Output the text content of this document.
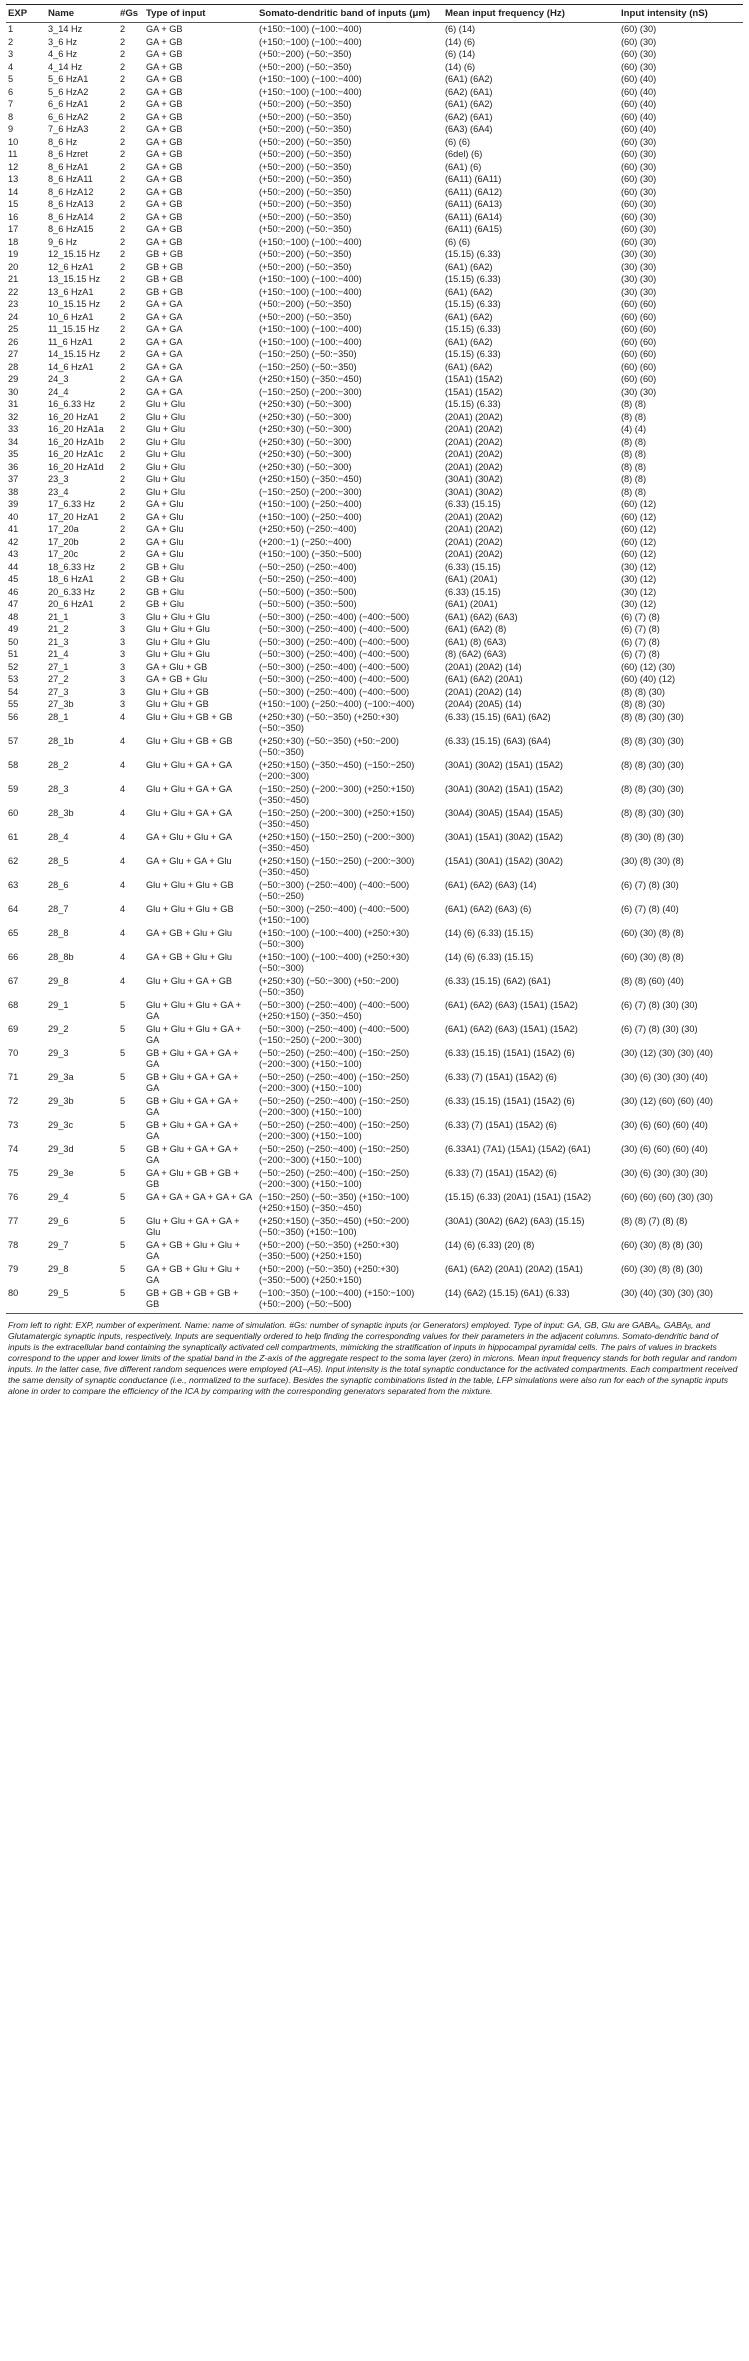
EXP	Name	#Gs	Type of input	Somato-dendritic band of inputs (μm)	Mean input frequency (Hz)	Input intensity (nS)
1	3_14 Hz	2	GA + GB	(+150:−100) (−100:−400)	(6) (14)	(60) (30)
2	3_6 Hz	2	GA + GB	(+150:−100) (−100:−400)	(14) (6)	(60) (30)
3	4_6 Hz	2	GA + GB	(+50:−200) (−50:−350)	(6) (14)	(60) (30)
4	4_14 Hz	2	GA + GB	(+50:−200) (−50:−350)	(14) (6)	(60) (30)
5	5_6 HzA1	2	GA + GB	(+150:−100) (−100:−400)	(6A1) (6A2)	(60) (40)
6	5_6 HzA2	2	GA + GB	(+150:−100) (−100:−400)	(6A2) (6A1)	(60) (40)
7	6_6 HzA1	2	GA + GB	(+50:−200) (−50:−350)	(6A1) (6A2)	(60) (40)
8	6_6 HzA2	2	GA + GB	(+50:−200) (−50:−350)	(6A2) (6A1)	(60) (40)
9	7_6 HzA3	2	GA + GB	(+50:−200) (−50:−350)	(6A3) (6A4)	(60) (40)
10	8_6 Hz	2	GA + GB	(+50:−200) (−50:−350)	(6) (6)	(60) (30)
11	8_6 Hzret	2	GA + GB	(+50:−200) (−50:−350)	(6del) (6)	(60) (30)
12	8_6 HzA1	2	GA + GB	(+50:−200) (−50:−350)	(6A1) (6)	(60) (30)
13	8_6 HzA11	2	GA + GB	(+50:−200) (−50:−350)	(6A11) (6A11)	(60) (30)
14	8_6 HzA12	2	GA + GB	(+50:−200) (−50:−350)	(6A11) (6A12)	(60) (30)
15	8_6 HzA13	2	GA + GB	(+50:−200) (−50:−350)	(6A11) (6A13)	(60) (30)
16	8_6 HzA14	2	GA + GB	(+50:−200) (−50:−350)	(6A11) (6A14)	(60) (30)
17	8_6 HzA15	2	GA + GB	(+50:−200) (−50:−350)	(6A11) (6A15)	(60) (30)
18	9_6 Hz	2	GA + GB	(+150:−100) (−100:−400)	(6) (6)	(60) (30)
19	12_15.15 Hz	2	GB + GB	(+50:−200) (−50:−350)	(15.15) (6.33)	(30) (30)
20	12_6 HzA1	2	GB + GB	(+50:−200) (−50:−350)	(6A1) (6A2)	(30) (30)
21	13_15.15 Hz	2	GB + GB	(+150:−100) (−100:−400)	(15.15) (6.33)	(30) (30)
22	13_6 HzA1	2	GB + GB	(+150:−100) (−100:−400)	(6A1) (6A2)	(30) (30)
23	10_15.15 Hz	2	GA + GA	(+50:−200) (−50:−350)	(15.15) (6.33)	(60) (60)
24	10_6 HzA1	2	GA + GA	(+50:−200) (−50:−350)	(6A1) (6A2)	(60) (60)
25	11_15.15 Hz	2	GA + GA	(+150:−100) (−100:−400)	(15.15) (6.33)	(60) (60)
26	11_6 HzA1	2	GA + GA	(+150:−100) (−100:−400)	(6A1) (6A2)	(60) (60)
27	14_15.15 Hz	2	GA + GA	(−150:−250) (−50:−350)	(15.15) (6.33)	(60) (60)
28	14_6 HzA1	2	GA + GA	(−150:−250) (−50:−350)	(6A1) (6A2)	(60) (60)
29	24_3	2	GA + GA	(+250:+150) (−350:−450)	(15A1) (15A2)	(60) (60)
30	24_4	2	GA + GA	(−150:−250) (−200:−300)	(15A1) (15A2)	(30) (30)
31	16_6.33 Hz	2	Glu + Glu	(+250:+30) (−50:−300)	(15.15) (6.33)	(8) (8)
32	16_20 HzA1	2	Glu + Glu	(+250:+30) (−50:−300)	(20A1) (20A2)	(8) (8)
33	16_20 HzA1a	2	Glu + Glu	(+250:+30) (−50:−300)	(20A1) (20A2)	(4) (4)
34	16_20 HzA1b	2	Glu + Glu	(+250:+30) (−50:−300)	(20A1) (20A2)	(8) (8)
35	16_20 HzA1c	2	Glu + Glu	(+250:+30) (−50:−300)	(20A1) (20A2)	(8) (8)
36	16_20 HzA1d	2	Glu + Glu	(+250:+30) (−50:−300)	(20A1) (20A2)	(8) (8)
37	23_3	2	Glu + Glu	(+250:+150) (−350:−450)	(30A1) (30A2)	(8) (8)
38	23_4	2	Glu + Glu	(−150:−250) (−200:−300)	(30A1) (30A2)	(8) (8)
39	17_6.33 Hz	2	GA + Glu	(+150:−100) (−250:−400)	(6.33) (15.15)	(60) (12)
40	17_20 HzA1	2	GA + Glu	(+150:−100) (−250:−400)	(20A1) (20A2)	(60) (12)
41	17_20a	2	GA + Glu	(+250:+50) (−250:−400)	(20A1) (20A2)	(60) (12)
42	17_20b	2	GA + Glu	(+200:−1) (−250:−400)	(20A1) (20A2)	(60) (12)
43	17_20c	2	GA + Glu	(+150:−100) (−350:−500)	(20A1) (20A2)	(60) (12)
44	18_6.33 Hz	2	GB + Glu	(−50:−250) (−250:−400)	(6.33) (15.15)	(30) (12)
45	18_6 HzA1	2	GB + Glu	(−50:−250) (−250:−400)	(6A1) (20A1)	(30) (12)
46	20_6.33 Hz	2	GB + Glu	(−50:−500) (−350:−500)	(6.33) (15.15)	(30) (12)
47	20_6 HzA1	2	GB + Glu	(−50:−500) (−350:−500)	(6A1) (20A1)	(30) (12)
48	21_1	3	Glu + Glu + Glu	(−50:−300) (−250:−400) (−400:−500)	(6A1) (6A2) (6A3)	(6) (7) (8)
49	21_2	3	Glu + Glu + Glu	(−50:−300) (−250:−400) (−400:−500)	(6A1) (6A2) (8)	(6) (7) (8)
50	21_3	3	Glu + Glu + Glu	(−50:−300) (−250:−400) (−400:−500)	(6A1) (8) (6A3)	(6) (7) (8)
51	21_4	3	Glu + Glu + Glu	(−50:−300) (−250:−400) (−400:−500)	(8) (6A2) (6A3)	(6) (7) (8)
52	27_1	3	GA + Glu + GB	(−50:−300) (−250:−400) (−400:−500)	(20A1) (20A2) (14)	(60) (12) (30)
53	27_2	3	GA + GB + Glu	(−50:−300) (−250:−400) (−400:−500)	(6A1) (6A2) (20A1)	(60) (40) (12)
54	27_3	3	Glu + Glu + GB	(−50:−300) (−250:−400) (−400:−500)	(20A1) (20A2) (14)	(8) (8) (30)
55	27_3b	3	Glu + Glu + GB	(+150:−100) (−250:−400) (−100:−400)	(20A4) (20A5) (14)	(8) (8) (30)
56	28_1	4	Glu + Glu + GB + GB	(+250:+30) (−50:−350) (+250:+30) (−50:−350)	(6.33) (15.15) (6A1) (6A2)	(8) (8) (30) (30)
57	28_1b	4	Glu + Glu + GB + GB	(+250:+30) (−50:−350) (+50:−200) (−50:−350)	(6.33) (15.15) (6A3) (6A4)	(8) (8) (30) (30)
58	28_2	4	Glu + Glu + GA + GA	(+250:+150) (−350:−450) (−150:−250) (−200:−300)	(30A1) (30A2) (15A1) (15A2)	(8) (8) (30) (30)
59	28_3	4	Glu + Glu + GA + GA	(−150:−250) (−200:−300) (+250:+150) (−350:−450)	(30A1) (30A2) (15A1) (15A2)	(8) (8) (30) (30)
60	28_3b	4	Glu + Glu + GA + GA	(−150:−250) (−200:−300) (+250:+150) (−350:−450)	(30A4) (30A5) (15A4) (15A5)	(8) (8) (30) (30)
61	28_4	4	GA + Glu + Glu + GA	(+250:+150) (−150:−250) (−200:−300) (−350:−450)	(30A1) (15A1) (30A2) (15A2)	(8) (30) (8) (30)
62	28_5	4	GA + Glu + GA + Glu	(+250:+150) (−150:−250) (−200:−300) (−350:−450)	(15A1) (30A1) (15A2) (30A2)	(30) (8) (30) (8)
63	28_6	4	Glu + Glu + Glu + GB	(−50:−300) (−250:−400) (−400:−500) (−50:−250)	(6A1) (6A2) (6A3) (14)	(6) (7) (8) (30)
64	28_7	4	Glu + Glu + Glu + GB	(−50:−300) (−250:−400) (−400:−500) (+150:−100)	(6A1) (6A2) (6A3) (6)	(6) (7) (8) (40)
65	28_8	4	GA + GB + Glu + Glu	(+150:−100) (−100:−400) (+250:+30) (−50:−300)	(14) (6) (6.33) (15.15)	(60) (30) (8) (8)
66	28_8b	4	GA + GB + Glu + Glu	(+150:−100) (−100:−400) (+250:+30) (−50:−300)	(14) (6) (6.33) (15.15)	(60) (30) (8) (8)
67	29_8	4	Glu + Glu + GA + GB	(+250:+30) (−50:−300) (+50:−200) (−50:−350)	(6.33) (15.15) (6A2) (6A1)	(8) (8) (60) (40)
68	29_1	5	Glu + Glu + Glu + GA + GA	(−50:−300) (−250:−400) (−400:−500) (+250:+150) (−350:−450)	(6A1) (6A2) (6A3) (15A1) (15A2)	(6) (7) (8) (30) (30)
69	29_2	5	Glu + Glu + Glu + GA + GA	(−50:−300) (−250:−400) (−400:−500) (−150:−250) (−200:−300)	(6A1) (6A2) (6A3) (15A1) (15A2)	(6) (7) (8) (30) (30)
70	29_3	5	GB + Glu + GA + GA + GA	(−50:−250) (−250:−400) (−150:−250) (−200:−300) (+150:−100)	(6.33) (15.15) (15A1) (15A2) (6)	(30) (12) (30) (30) (40)
71	29_3a	5	GB + Glu + GA + GA + GA	(−50:−250) (−250:−400) (−150:−250) (−200:−300) (+150:−100)	(6.33) (7) (15A1) (15A2) (6)	(30) (6) (30) (30) (40)
72	29_3b	5	GB + Glu + GA + GA + GA	(−50:−250) (−250:−400) (−150:−250) (−200:−300) (+150:−100)	(6.33) (15.15) (15A1) (15A2) (6)	(30) (12) (60) (60) (40)
73	29_3c	5	GB + Glu + GA + GA + GA	(−50:−250) (−250:−400) (−150:−250) (−200:−300) (+150:−100)	(6.33) (7) (15A1) (15A2) (6)	(30) (6) (60) (60) (40)
74	29_3d	5	GB + Glu + GA + GA + GA	(−50:−250) (−250:−400) (−150:−250) (−200:−300) (+150:−100)	(6.33A1) (7A1) (15A1) (15A2) (6A1)	(30) (6) (60) (60) (40)
75	29_3e	5	GA + Glu + GB + GB + GB	(−50:−250) (−250:−400) (−150:−250) (−200:−300) (+150:−100)	(6.33) (7) (15A1) (15A2) (6)	(30) (6) (30) (30) (30)
76	29_4	5	GA + GA + GA + GA + GA	(−150:−250) (−50:−350) (+150:−100) (+250:+150) (−350:−450)	(15.15) (6.33) (20A1) (15A1) (15A2)	(60) (60) (60) (30) (30)
77	29_6	5	Glu + Glu + GA + GA + Glu	(+250:+150) (−350:−450) (+50:−200) (−50:−350) (+150:−100)	(30A1) (30A2) (6A2) (6A3) (15.15)	(8) (8) (7) (8) (8)
78	29_7	5	GA + GB + Glu + Glu + GA	(+50:−200) (−50:−350) (+250:+30) (−350:−500) (+250:+150)	(14) (6) (6.33) (20) (8)	(60) (30) (8) (8) (30)
79	29_8	5	GA + GB + Glu + Glu + GA	(+50:−200) (−50:−350) (+250:+30) (−350:−500) (+250:+150)	(6A1) (6A2) (20A1) (20A2) (15A1)	(60) (30) (8) (8) (30)
80	29_5	5	GB + GB + GB + GB + GB	(−100:−350) (−100:−400) (+150:−100) (+50:−200) (−50:−500)	(14) (6A2) (15.15) (6A1) (6.33)	(30) (40) (30) (30) (30)
From left to right: EXP, number of experiment. Name: name of simulation. #Gs: number of synaptic inputs (or Generators) employed. Type of input: GA, GB, Glu are GABAₐ, GABAᵦ, and Glutamatergic synaptic inputs, respectively. Inputs are sequentially ordered to help finding the corresponding values for their parameters in the adjacent columns. Somato-dendritic band of inputs is the extracellular band containing the synaptically activated cell compartments, mimicking the stratification of inputs in hippocampal pyramidal cells. The pairs of values in brackets correspond to the upper and lower limits of the spatial band in the Z-axis of the aggregate respect to the soma layer (zero) in microns. Mean input frequency stands for both regular and random inputs. In the latter case, five different random sequences were employed (A1–A5). Input intensity is the total synaptic conductance for the activated compartments. Each compartment received the same density of synaptic conductance (i.e., normalized to the surface). Besides the synaptic combinations listed in the table, LFP simulations were also run for each of the synaptic inputs alone in order to compare the efficiency of the ICA by comparing with the corresponding generators separated from the mixture.
